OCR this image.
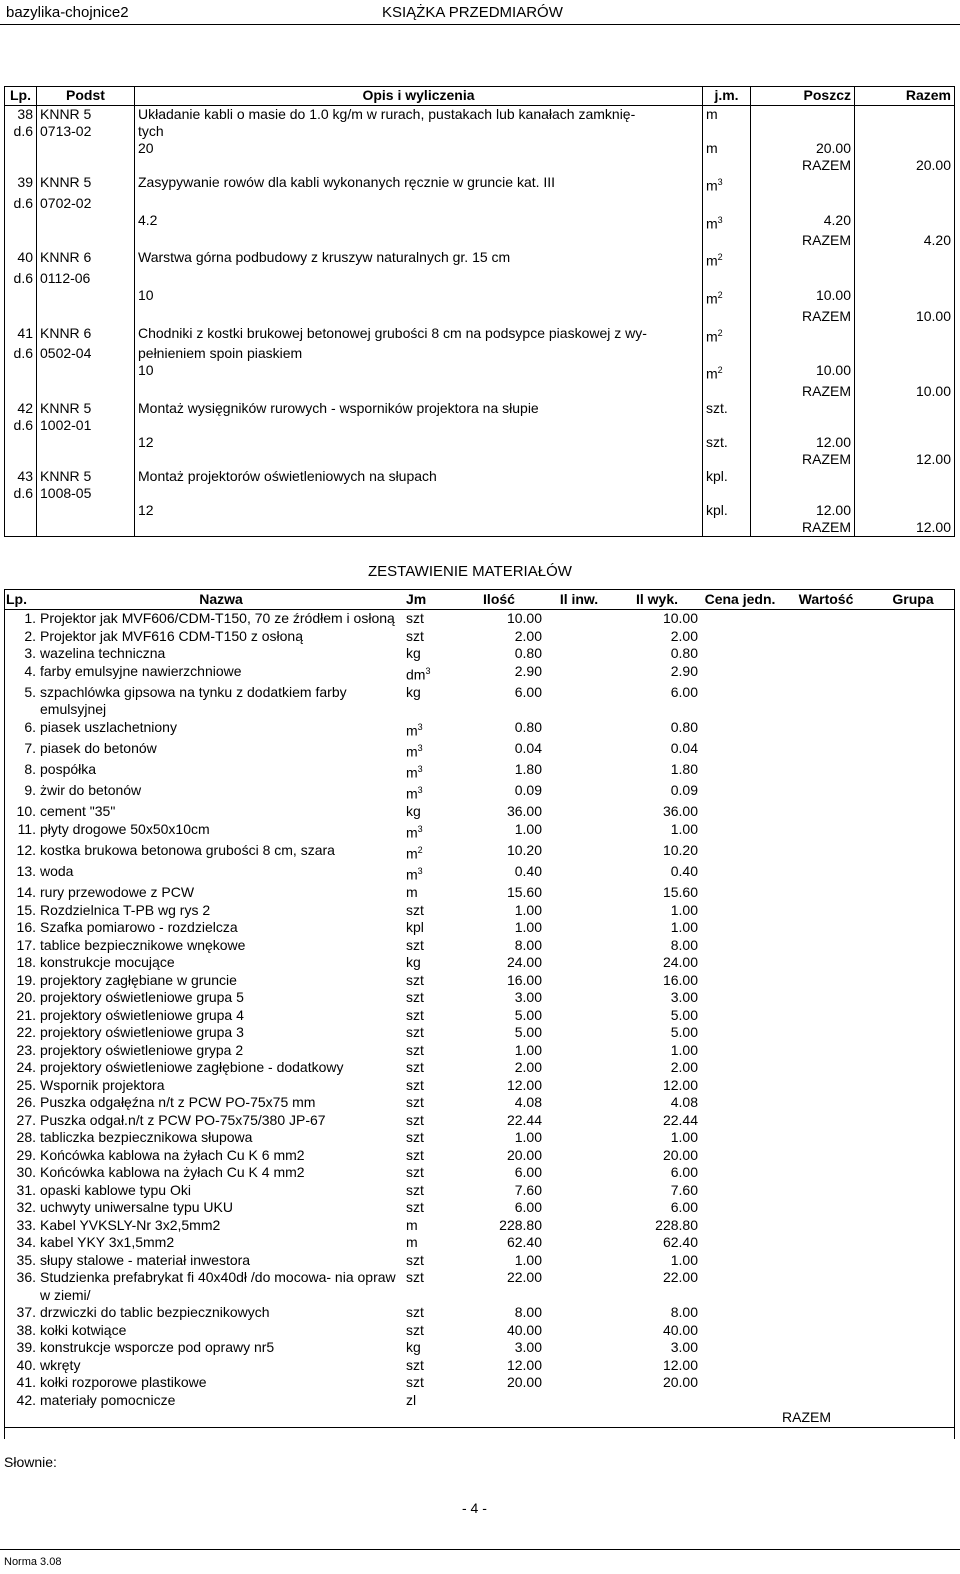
bazylika-chojnice2	KSIĄŻKA PRZEDMIARÓW
Lp.	Podst	Opis i wyliczenia	j.m.	Poszcz	Razem
38	KNNR 5	Układanie kabli o masie do 1.0 kg/m w rurach, pustakach lub kanałach zamknię-	m		
d.6	0713-02	tych			
		20	m	20.00	
				RAZEM	20.00
39	KNNR 5	Zasypywanie rowów dla kabli wykonanych ręcznie w gruncie kat. III	$m^3$		
d.6	0702-02				
		4.2	$m^3$	4.20	
				RAZEM	4.20
40	KNNR 6	Warstwa górna podbudowy z kruszyw naturalnych gr. 15 cm	$m^2$		
d.6	0112-06				
		10	$m^2$	10.00	
				RAZEM	10.00
41	KNNR 6	Chodniki z kostki brukowej betonowej grubości 8 cm na podsypce piaskowej z wy-	$m^2$		
d.6	0502-04	pełnieniem spoin piaskiem			
		10	$m^2$	10.00	
				RAZEM	10.00
42	KNNR 5	Montaż wysięgników rurowych - wsporników projektora na słupie	szt.		
d.6	1002-01				
		12	szt.	12.00	
				RAZEM	12.00
43	KNNR 5	Montaż projektorów oświetleniowych na słupach	kpl.		
d.6	1008-05				
		12	kpl.	12.00	
				RAZEM	12.00
ZESTAWIENIE MATERIAŁÓW
Lp.	Nazwa	Jm	Ilość	Il inw.	Il wyk.	Cena jedn.	Wartość	Grupa
1.	Projektor jak MVF606/CDM-T150, 70 ze źródłem i osłoną	szt	10.00		10.00			
2.	Projektor jak MVF616 CDM-T150 z osłoną	szt	2.00		2.00			
3.	wazelina techniczna	kg	0.80		0.80			
4.	farby emulsyjne nawierzchniowe	$dm^3$	2.90		2.90			
5.	szpachlówka gipsowa na tynku z dodatkiem farby emulsyjnej	kg	6.00		6.00			
6.	piasek uszlachetniony	$m^3$	0.80		0.80			
7.	piasek do betonów	$m^3$	0.04		0.04			
8.	pospółka	$m^3$	1.80		1.80			
9.	żwir do betonów	$m^3$	0.09		0.09			
10.	cement "35"	kg	36.00		36.00			
11.	płyty drogowe 50x50x10cm	$m^3$	1.00		1.00			
12.	kostka brukowa betonowa grubości 8 cm, szara	$m^2$	10.20		10.20			
13.	woda	$m^3$	0.40		0.40			
14.	rury przewodowe z PCW	m	15.60		15.60			
15.	Rozdzielnica T-PB wg rys 2	szt	1.00		1.00			
16.	Szafka pomiarowo - rozdzielcza	kpl	1.00		1.00			
17.	tablice bezpiecznikowe wnękowe	szt	8.00		8.00			
18.	konstrukcje mocujące	kg	24.00		24.00			
19.	projektory zagłębiane w gruncie	szt	16.00		16.00			
20.	projektory oświetleniowe grupa 5	szt	3.00		3.00			
21.	projektory oświetleniowe grupa 4	szt	5.00		5.00			
22.	projektory oświetleniowe grupa 3	szt	5.00		5.00			
23.	projektory oświetleniowe grypa 2	szt	1.00		1.00			
24.	projektory oświetleniowe zagłębione - dodatkowy	szt	2.00		2.00			
25.	Wspornik projektora	szt	12.00		12.00			
26.	Puszka odgałęźna n/t z PCW PO-75x75 mm	szt	4.08		4.08			
27.	Puszka odgał.n/t z PCW PO-75x75/380 JP-67	szt	22.44		22.44			
28.	tabliczka bezpiecznikowa słupowa	szt	1.00		1.00			
29.	Końcówka kablowa na żyłach Cu K 6 mm2	szt	20.00		20.00			
30.	Końcówka kablowa na żyłach Cu K 4 mm2	szt	6.00		6.00			
31.	opaski kablowe typu Oki	szt	7.60		7.60			
32.	uchwyty uniwersalne typu UKU	szt	6.00		6.00			
33.	Kabel YVKSLY-Nr 3x2,5mm2	m	228.80		228.80			
34.	kabel YKY 3x1,5mm2	m	62.40		62.40			
35.	słupy stalowe - materiał inwestora	szt	1.00		1.00			
36.	Studzienka prefabrykat fi 40x40dł /do mocowa- nia opraw w ziemi/	szt	22.00		22.00			
37.	drzwiczki do tablic bezpiecznikowych	szt	8.00		8.00			
38.	kołki kotwiące	szt	40.00		40.00			
39.	konstrukcje wsporcze pod oprawy nr5	kg	3.00		3.00			
40.	wkręty	szt	12.00		12.00			
41.	kołki rozporowe plastikowe	szt	20.00		20.00			
42.	materiały pomocnicze	zl						
							RAZEM	
Słownie:
- 4 -
Norma 3.08
